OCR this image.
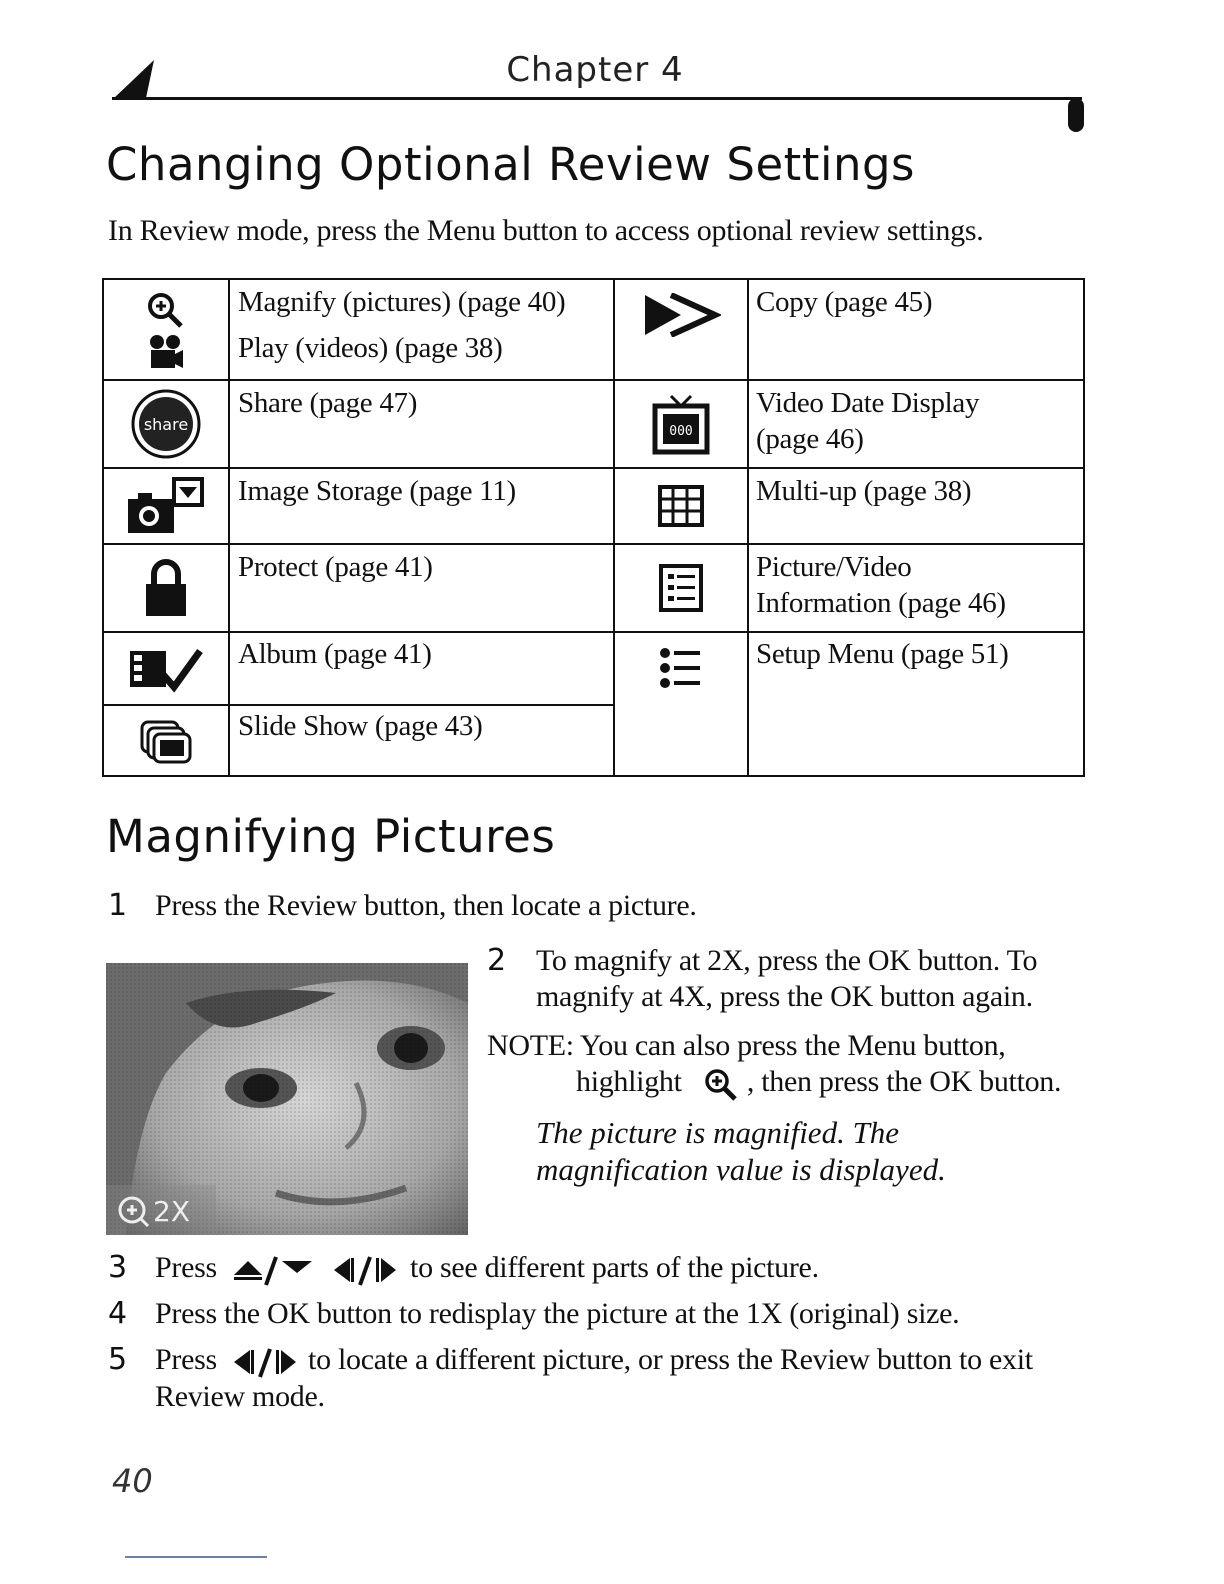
Chapter 4
Changing Optional Review Settings
In Review mode, press the Menu button to access optional review settings.
Magnify (pictures) (page 40)
Play (videos) (page 38)
share
Share (page 47)
Image Storage (page 11)
Protect (page 41)
Album (page 41)
Slide Show (page 43)
Copy (page 45)
000
Video Date Display
(page 46)
Multi-up (page 38)
Picture/Video
Information (page 46)
Setup Menu (page 51)
Magnifying Pictures
1 Press the Review button, then locate a picture.
2X
2 To magnify at 2X, press the OK button. To
magnify at 4X, press the OK button again.
NOTE: You can also press the Menu button,
highlight , then press the OK button.
The picture is magnified. The
magnification value is displayed.
3 Press	to see different parts of the picture.
4 Press the OK button to redisplay the picture at the 1X (original) size.
5 Press	to locate a different picture, or press the Review button to exit
Review mode.
40
